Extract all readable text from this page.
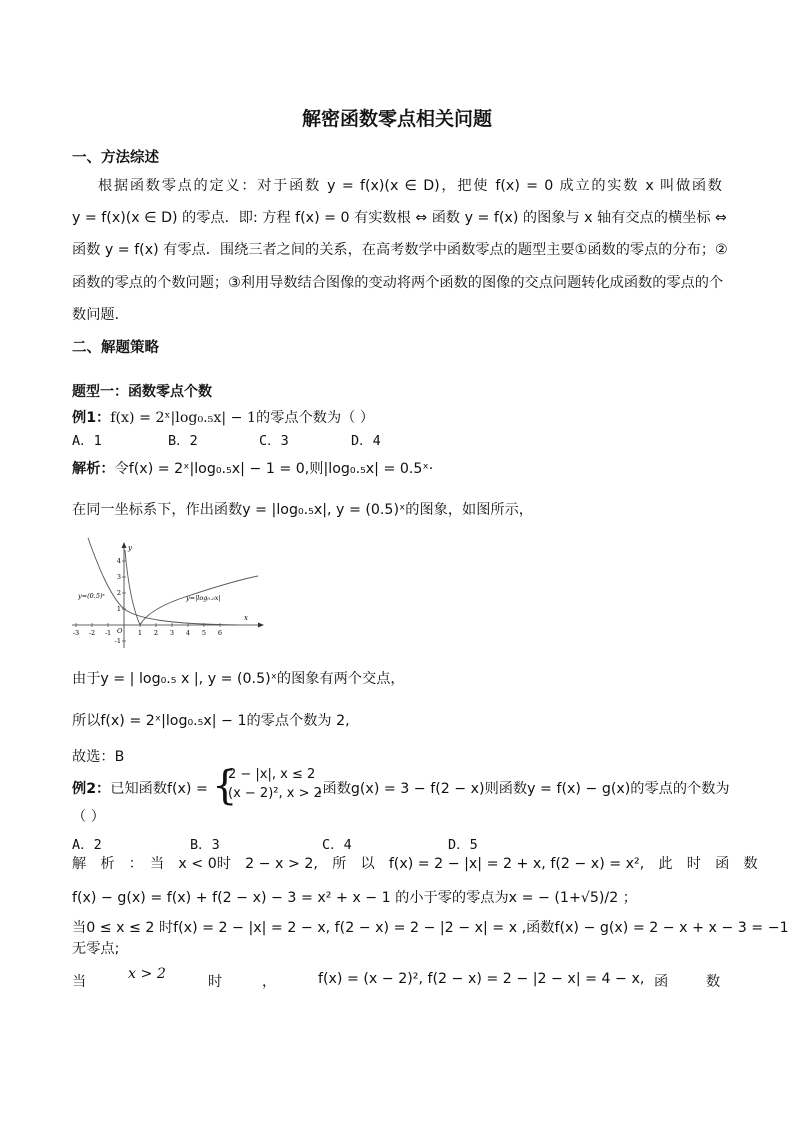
解密函数零点相关问题
一、方法综述
根据函数零点的定义：对于函数 y = f(x)(x ∈ D)，把使 f(x) = 0 成立的实数 x 叫做函数
y = f(x)(x ∈ D) 的零点．即: 方程 f(x) = 0 有实数根 ⇔ 函数 y = f(x) 的图象与 x 轴有交点的横坐标 ⇔
函数 y = f(x) 有零点．围绕三者之间的关系，在高考数学中函数零点的题型主要①函数的零点的分布；②
函数的零点的个数问题；③利用导数结合图像的变动将两个函数的图像的交点问题转化成函数的零点的个
数问题．
二、解题策略
题型一：函数零点个数
例1：f(x) = 2ˣ|log₀.₅x| − 1的零点个数为（ ）
A．1	B．2	C．3	D．4
解析：令f(x) = 2ˣ|log₀.₅x| − 1 = 0,则|log₀.₅x| = 0.5ˣ·
在同一坐标系下，作出函数y = |log₀.₅x|, y = (0.5)ˣ的图象，如图所示，
y=(0.5)ˣ	y=|log₀.₅x|
y
x
O
-3 -2 -1	1 2 3 4 5 6
4
3
2
1
-1
由于y = | log₀.₅ x |, y = (0.5)ˣ的图象有两个交点，
所以f(x) = 2ˣ|log₀.₅x| − 1的零点个数为 2,
故选：B
例2：已知函数f(x) = {
2 − |x|, x ≤ 2
(x − 2)², x > 2
,函数g(x) = 3 − f(2 − x)则函数y = f(x) − g(x)的零点的个数为
（ ）
A．2	B．3	C．4	D．5
解　析　：　当　x < 0时　2 − x > 2,　所　以　f(x) = 2 − |x| = 2 + x, f(2 − x) = x²,　此　时　函　数
f(x) − g(x) = f(x) + f(2 − x) − 3 = x² + x − 1 的小于零的零点为x = − (1+√5)/2 ；
当0 ≤ x ≤ 2 时f(x) = 2 − |x| = 2 − x, f(2 − x) = 2 − |2 − x| = x ,函数f(x) − g(x) = 2 − x + x − 3 = −1
无零点;
当	x > 2	时	，	f(x) = (x − 2)², f(2 − x) = 2 − |2 − x| = 4 − x, 函	数
